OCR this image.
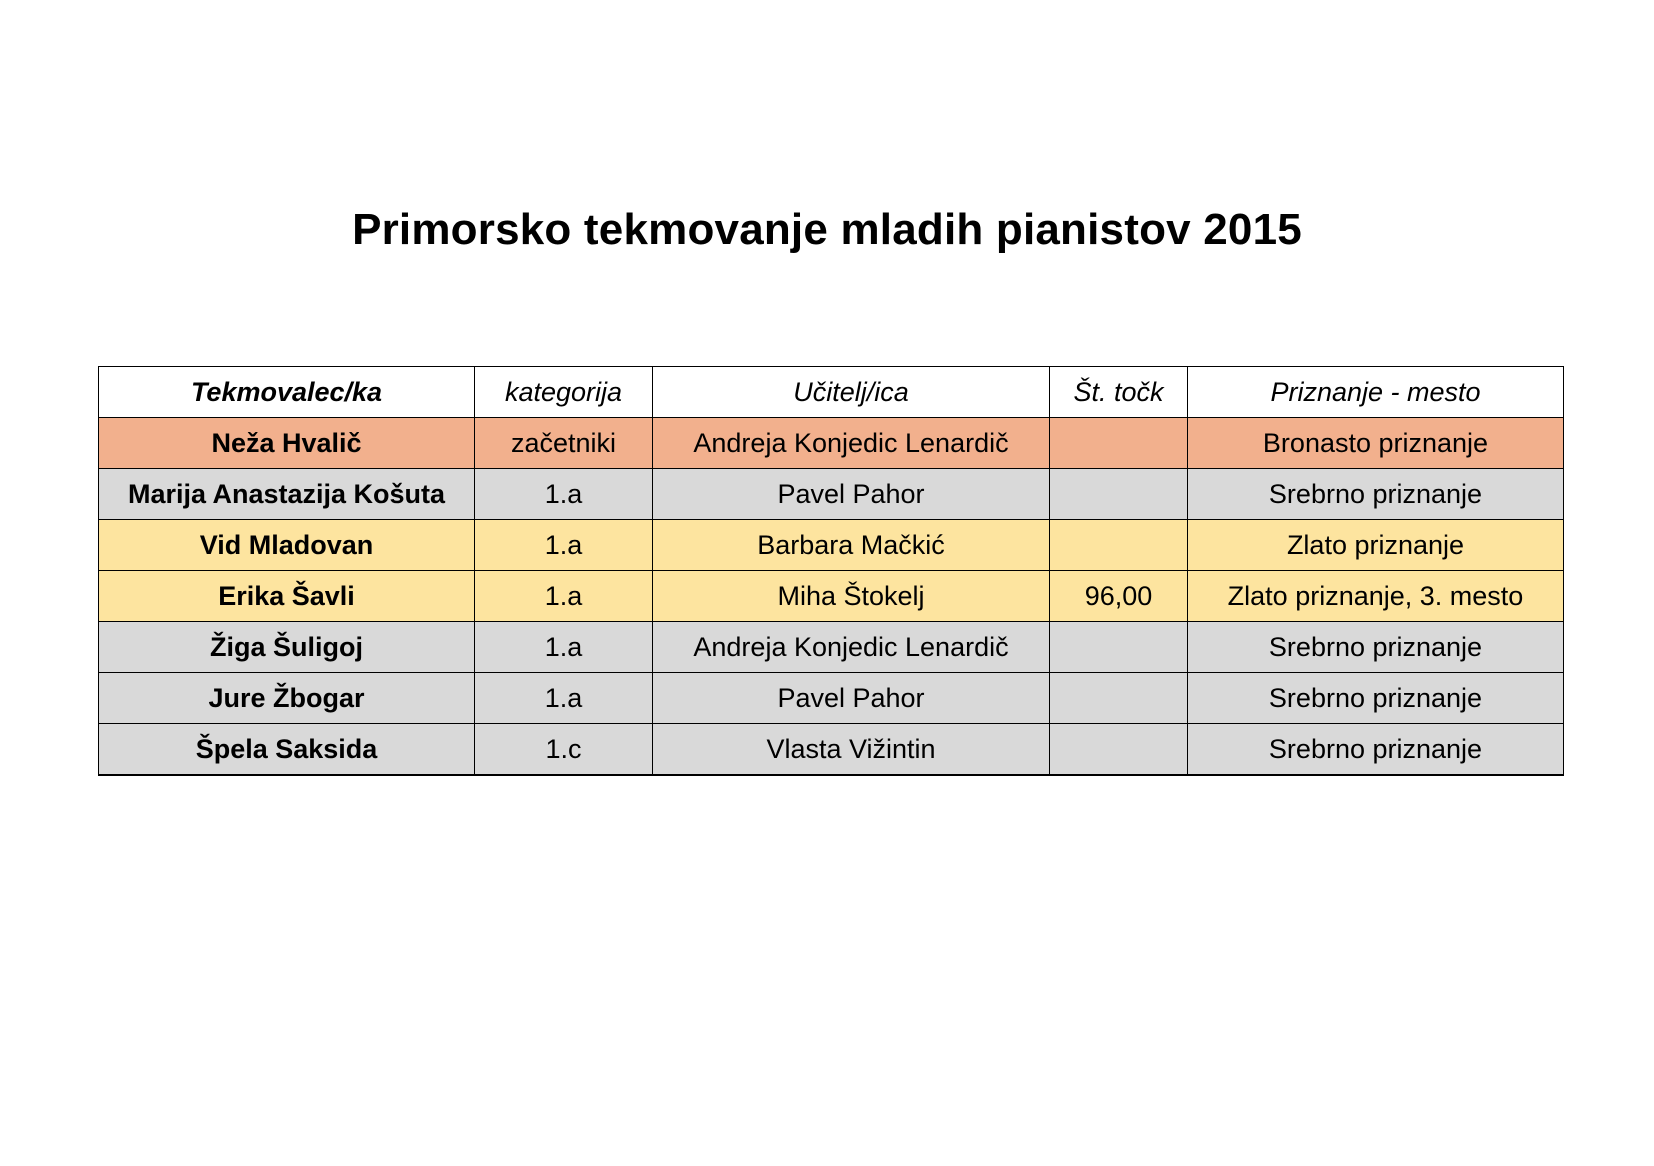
Primorsko tekmovanje mladih pianistov 2015
Tekmovalec/ka	kategorija	Učitelj/ica	Št. točk	Priznanje - mesto
Neža Hvalič	začetniki	Andreja Konjedic Lenardič		Bronasto priznanje
Marija Anastazija Košuta	1.a	Pavel Pahor		Srebrno priznanje
Vid Mladovan	1.a	Barbara Mačkić		Zlato priznanje
Erika Šavli	1.a	Miha Štokelj	96,00	Zlato priznanje, 3. mesto
Žiga Šuligoj	1.a	Andreja Konjedic Lenardič		Srebrno priznanje
Jure Žbogar	1.a	Pavel Pahor		Srebrno priznanje
Špela Saksida	1.c	Vlasta Vižintin		Srebrno priznanje
